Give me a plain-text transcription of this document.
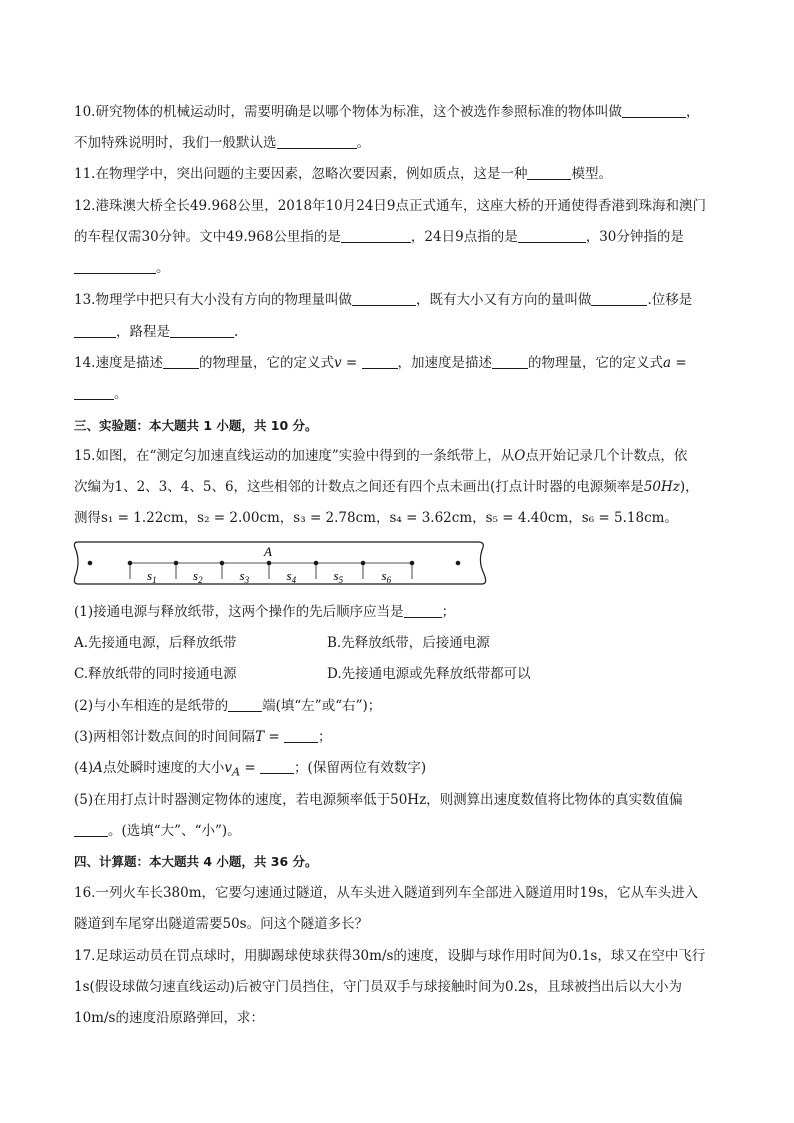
10.研究物体的机械运动时，需要明确是以哪个物体为标准，这个被选作参照标准的物体叫做	，
不加特殊说明时，我们一般默认选	。
11.在物理学中，突出问题的主要因素，忽略次要因素，例如质点，这是一种	模型。
12.港珠澳大桥全长49.968公里，2018年10月24日9点正式通车，这座大桥的开通使得香港到珠海和澳门
的车程仅需30分钟。文中49.968公里指的是	，24日9点指的是	，30分钟指的是
。
13.物理学中把只有大小没有方向的物理量叫做	，既有大小又有方向的量叫做	.位移是
，路程是	.
14.速度是描述	的物理量，它的定义式v =	，加速度是描述	的物理量，它的定义式a =
。
三、实验题：本大题共 1 小题，共 10 分。
15.如图，在“测定匀加速直线运动的加速度”实验中得到的一条纸带上，从O点开始记录几个计数点，依
次编为1、2、3、4、5、6，这些相邻的计数点之间还有四个点未画出(打点计时器的电源频率是50Hz)，
测得s₁ = 1.22cm，s₂ = 2.00cm，s₃ = 2.78cm，s₄ = 3.62cm，s₅ = 4.40cm，s₆ = 5.18cm。
$s_1$	$s_2$	$s_3$	$s_4$	$s_5$	$s_6$
A
(1)接通电源与释放纸带，这两个操作的先后顺序应当是	；
A.先接通电源，后释放纸带	B.先释放纸带，后接通电源
C.释放纸带的同时接通电源	D.先接通电源或先释放纸带都可以
(2)与小车相连的是纸带的	端(填“左”或“右”)；
(3)两相邻计数点间的时间间隔T =	；
(4)A点处瞬时速度的大小$v_A$ =	；(保留两位有效数字)
(5)在用打点计时器测定物体的速度，若电源频率低于50Hz，则测算出速度数值将比物体的真实数值偏
。(选填“大”、“小”)。
四、计算题：本大题共 4 小题，共 36 分。
16.一列火车长380m，它要匀速通过隧道，从车头进入隧道到列车全部进入隧道用时19s，它从车头进入
隧道到车尾穿出隧道需要50s。问这个隧道多长？
17.足球运动员在罚点球时，用脚踢球使球获得30m/s的速度，设脚与球作用时间为0.1s，球又在空中飞行
1s(假设球做匀速直线运动)后被守门员挡住，守门员双手与球接触时间为0.2s，且球被挡出后以大小为
10m/s的速度沿原路弹回，求：
